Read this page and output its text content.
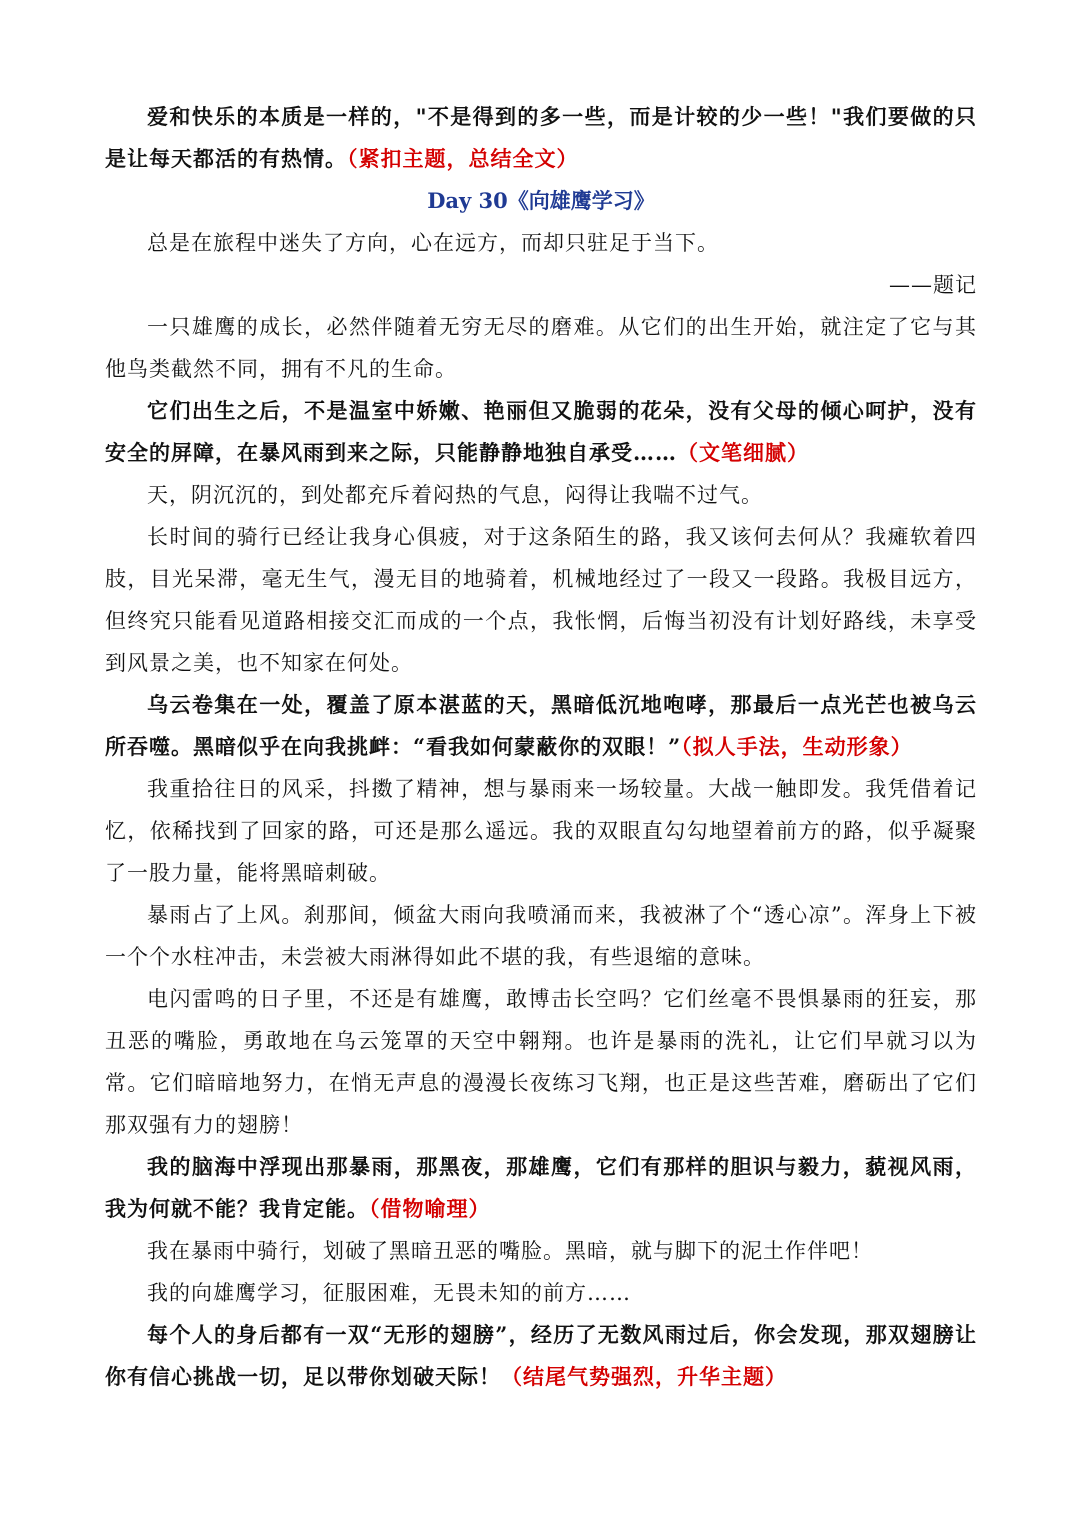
爱和快乐的本质是一样的，"不是得到的多一些，而是计较的少一些！"我们要做的只是让每天都活的有热情。（紧扣主题，总结全文）

Day 30《向雄鹰学习》

总是在旅程中迷失了方向，心在远方，而却只驻足于当下。

——题记

一只雄鹰的成长，必然伴随着无穷无尽的磨难。从它们的出生开始，就注定了它与其他鸟类截然不同，拥有不凡的生命。

它们出生之后，不是温室中娇嫩、艳丽但又脆弱的花朵，没有父母的倾心呵护，没有安全的屏障，在暴风雨到来之际，只能静静地独自承受……（文笔细腻）

天，阴沉沉的，到处都充斥着闷热的气息，闷得让我喘不过气。

长时间的骑行已经让我身心俱疲，对于这条陌生的路，我又该何去何从？我瘫软着四肢，目光呆滞，毫无生气，漫无目的地骑着，机械地经过了一段又一段路。我极目远方，但终究只能看见道路相接交汇而成的一个点，我怅惘，后悔当初没有计划好路线，未享受到风景之美，也不知家在何处。

乌云卷集在一处，覆盖了原本湛蓝的天，黑暗低沉地咆哮，那最后一点光芒也被乌云所吞噬。黑暗似乎在向我挑衅：“看我如何蒙蔽你的双眼！”（拟人手法，生动形象）

我重拾往日的风采，抖擞了精神，想与暴雨来一场较量。大战一触即发。我凭借着记忆，依稀找到了回家的路，可还是那么遥远。我的双眼直勾勾地望着前方的路，似乎凝聚了一股力量，能将黑暗刺破。

暴雨占了上风。刹那间，倾盆大雨向我喷涌而来，我被淋了个“透心凉”。浑身上下被一个个水柱冲击，未尝被大雨淋得如此不堪的我，有些退缩的意味。

电闪雷鸣的日子里，不还是有雄鹰，敢博击长空吗？它们丝毫不畏惧暴雨的狂妄，那丑恶的嘴脸，勇敢地在乌云笼罩的天空中翱翔。也许是暴雨的洗礼，让它们早就习以为常。它们暗暗地努力，在悄无声息的漫漫长夜练习飞翔，也正是这些苦难，磨砺出了它们那双强有力的翅膀！

我的脑海中浮现出那暴雨，那黑夜，那雄鹰，它们有那样的胆识与毅力，藐视风雨，我为何就不能？我肯定能。（借物喻理）

我在暴雨中骑行，划破了黑暗丑恶的嘴脸。黑暗，就与脚下的泥土作伴吧！

我的向雄鹰学习，征服困难，无畏未知的前方……

每个人的身后都有一双“无形的翅膀”，经历了无数风雨过后，你会发现，那双翅膀让你有信心挑战一切，足以带你划破天际！（结尾气势强烈，升华主题）
